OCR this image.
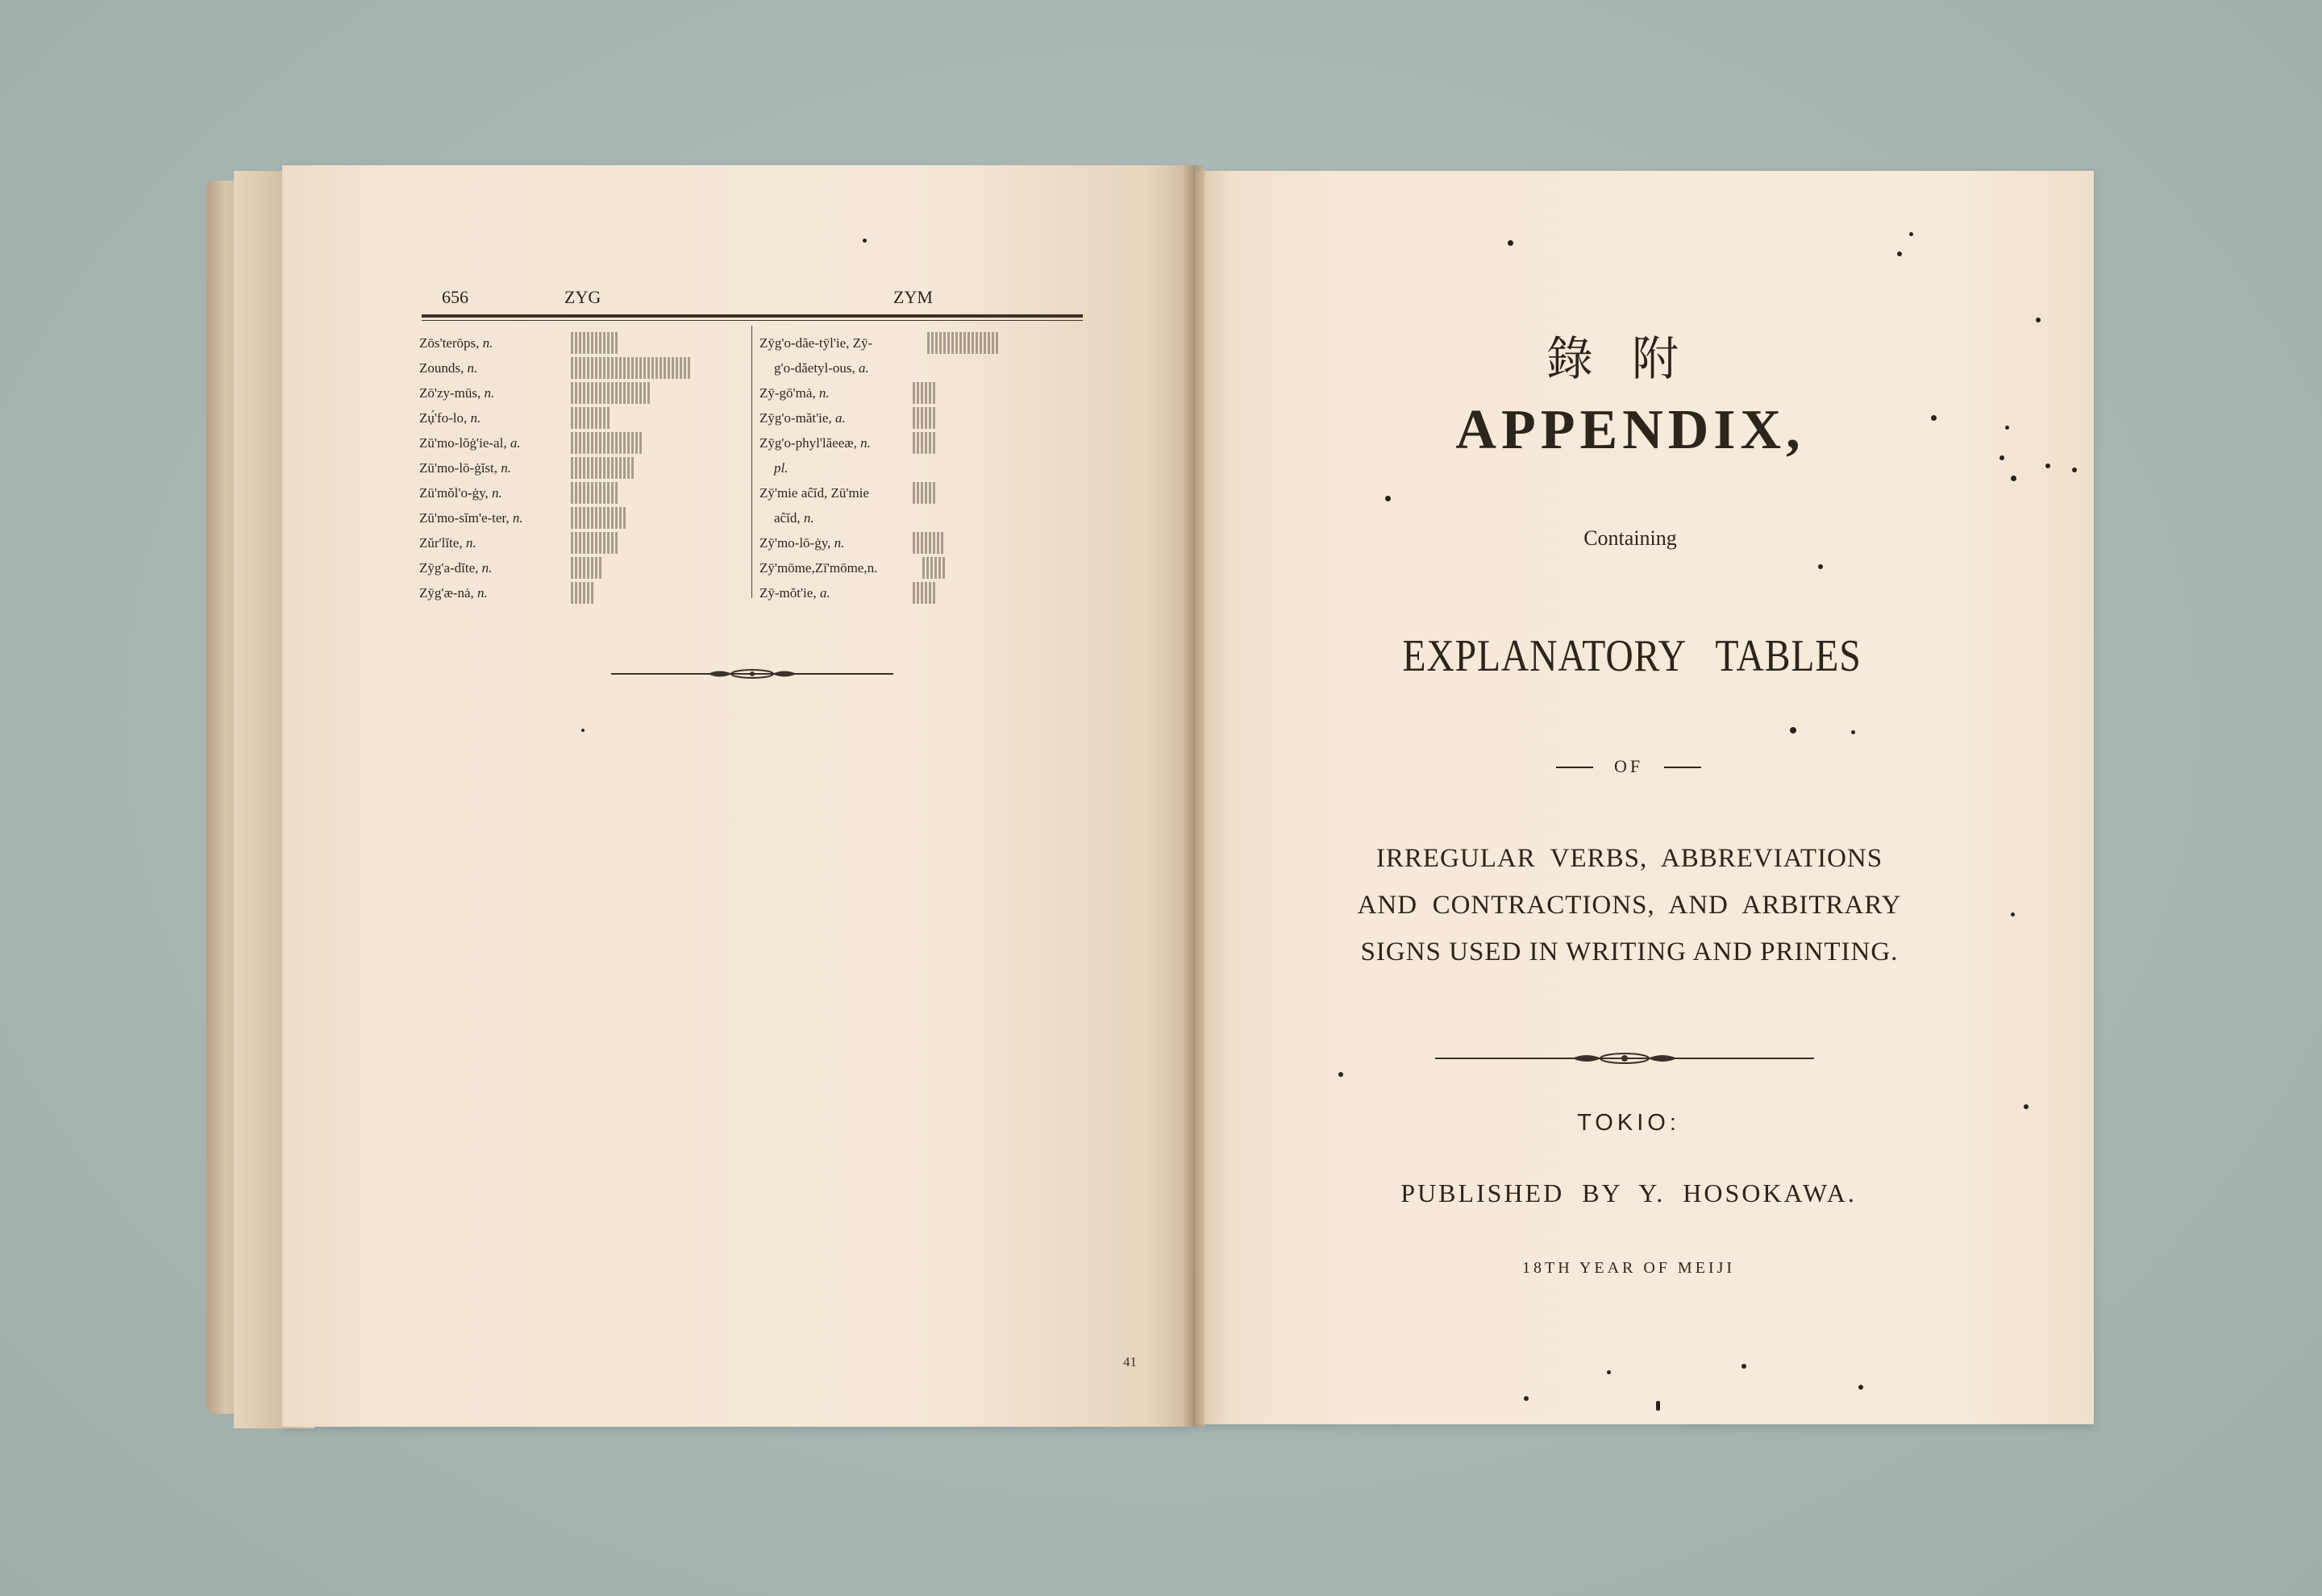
656	ZYG	ZYM
Zōs'terōps, n.
Zounds, n.
Zō'zy-mūs, n.
Zụ́'fo-lo, n.
Zū'mo-lŏġ'ie-al, a.
Zū'mo-lō-ġĭst, n.
Zū'mŏl'o-ġy, n.
Zū'mo-sĭm'e-ter, n.
Zŭr'lĭte, n.
Zȳg'a-dĭte, n.
Zȳg'æ-nȧ, n.
Zȳg'o-dăe-tȳl'ie, Zȳ-
g'o-dăetyl-ous, a.
Zȳ-gō'mȧ, n.
Zȳg'o-măt'ie, a.
Zȳg'o-phyl'lăeeæ, n.
pl.
Zȳ'mie aĉĭd, Zū'mie
aĉĭd, n.
Zȳ'mo-lō-ġy, n.
Zȳ'mōme,Zī'mōme,n.
Zȳ-mŏt'ie, a.
41
錄附
APPENDIX,
Containing
EXPLANATORY   TABLES
OF
IRREGULAR  VERBS,  ABBREVIATIONS
AND  CONTRACTIONS,  AND  ARBITRARY
SIGNS USED IN WRITING AND PRINTING.
TOKIO:
PUBLISHED  BY  Y.  HOSOKAWA.
18TH YEAR OF MEIJI
